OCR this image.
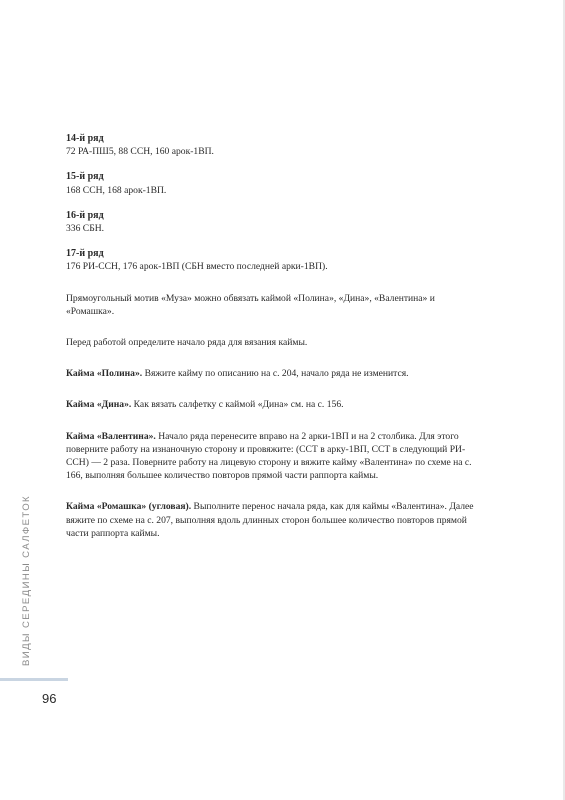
14-й ряд

72 РА-ПШ5, 88 ССН, 160 арок-1ВП.

15-й ряд

168 ССН, 168 арок-1ВП.

16-й ряд

336 СБН.

17-й ряд

176 РИ-ССН, 176 арок-1ВП (СБН вместо последней арки-1ВП).

Прямоугольный мотив «Муза» можно обвязать каймой «Полина», «Дина», «Валентина» и «Ромашка».

Перед работой определите начало ряда для вязания каймы.

Кайма «Полина». Вяжите кайму по описанию на с. 204, начало ряда не изменится.

Кайма «Дина». Как вязать салфетку с каймой «Дина» см. на с. 156.

Кайма «Валентина». Начало ряда перенесите вправо на 2 арки-1ВП и на 2 столбика. Для этого поверните работу на изнаночную сторону и провяжите: (ССТ в арку-1ВП, ССТ в следующий РИ-ССН) — 2 раза. Поверните работу на лицевую сторону и вяжите кайму «Валентина» по схеме на с. 166, выполняя большее количество повторов прямой части раппорта каймы.

Кайма «Ромашка» (угловая). Выполните перенос начала ряда, как для каймы «Валентина». Далее вяжите по схеме на с. 207, выполняя вдоль длинных сторон большее количество повторов прямой части раппорта каймы.

ВИДЫ СЕРЕДИНЫ САЛФЕТОК
96
